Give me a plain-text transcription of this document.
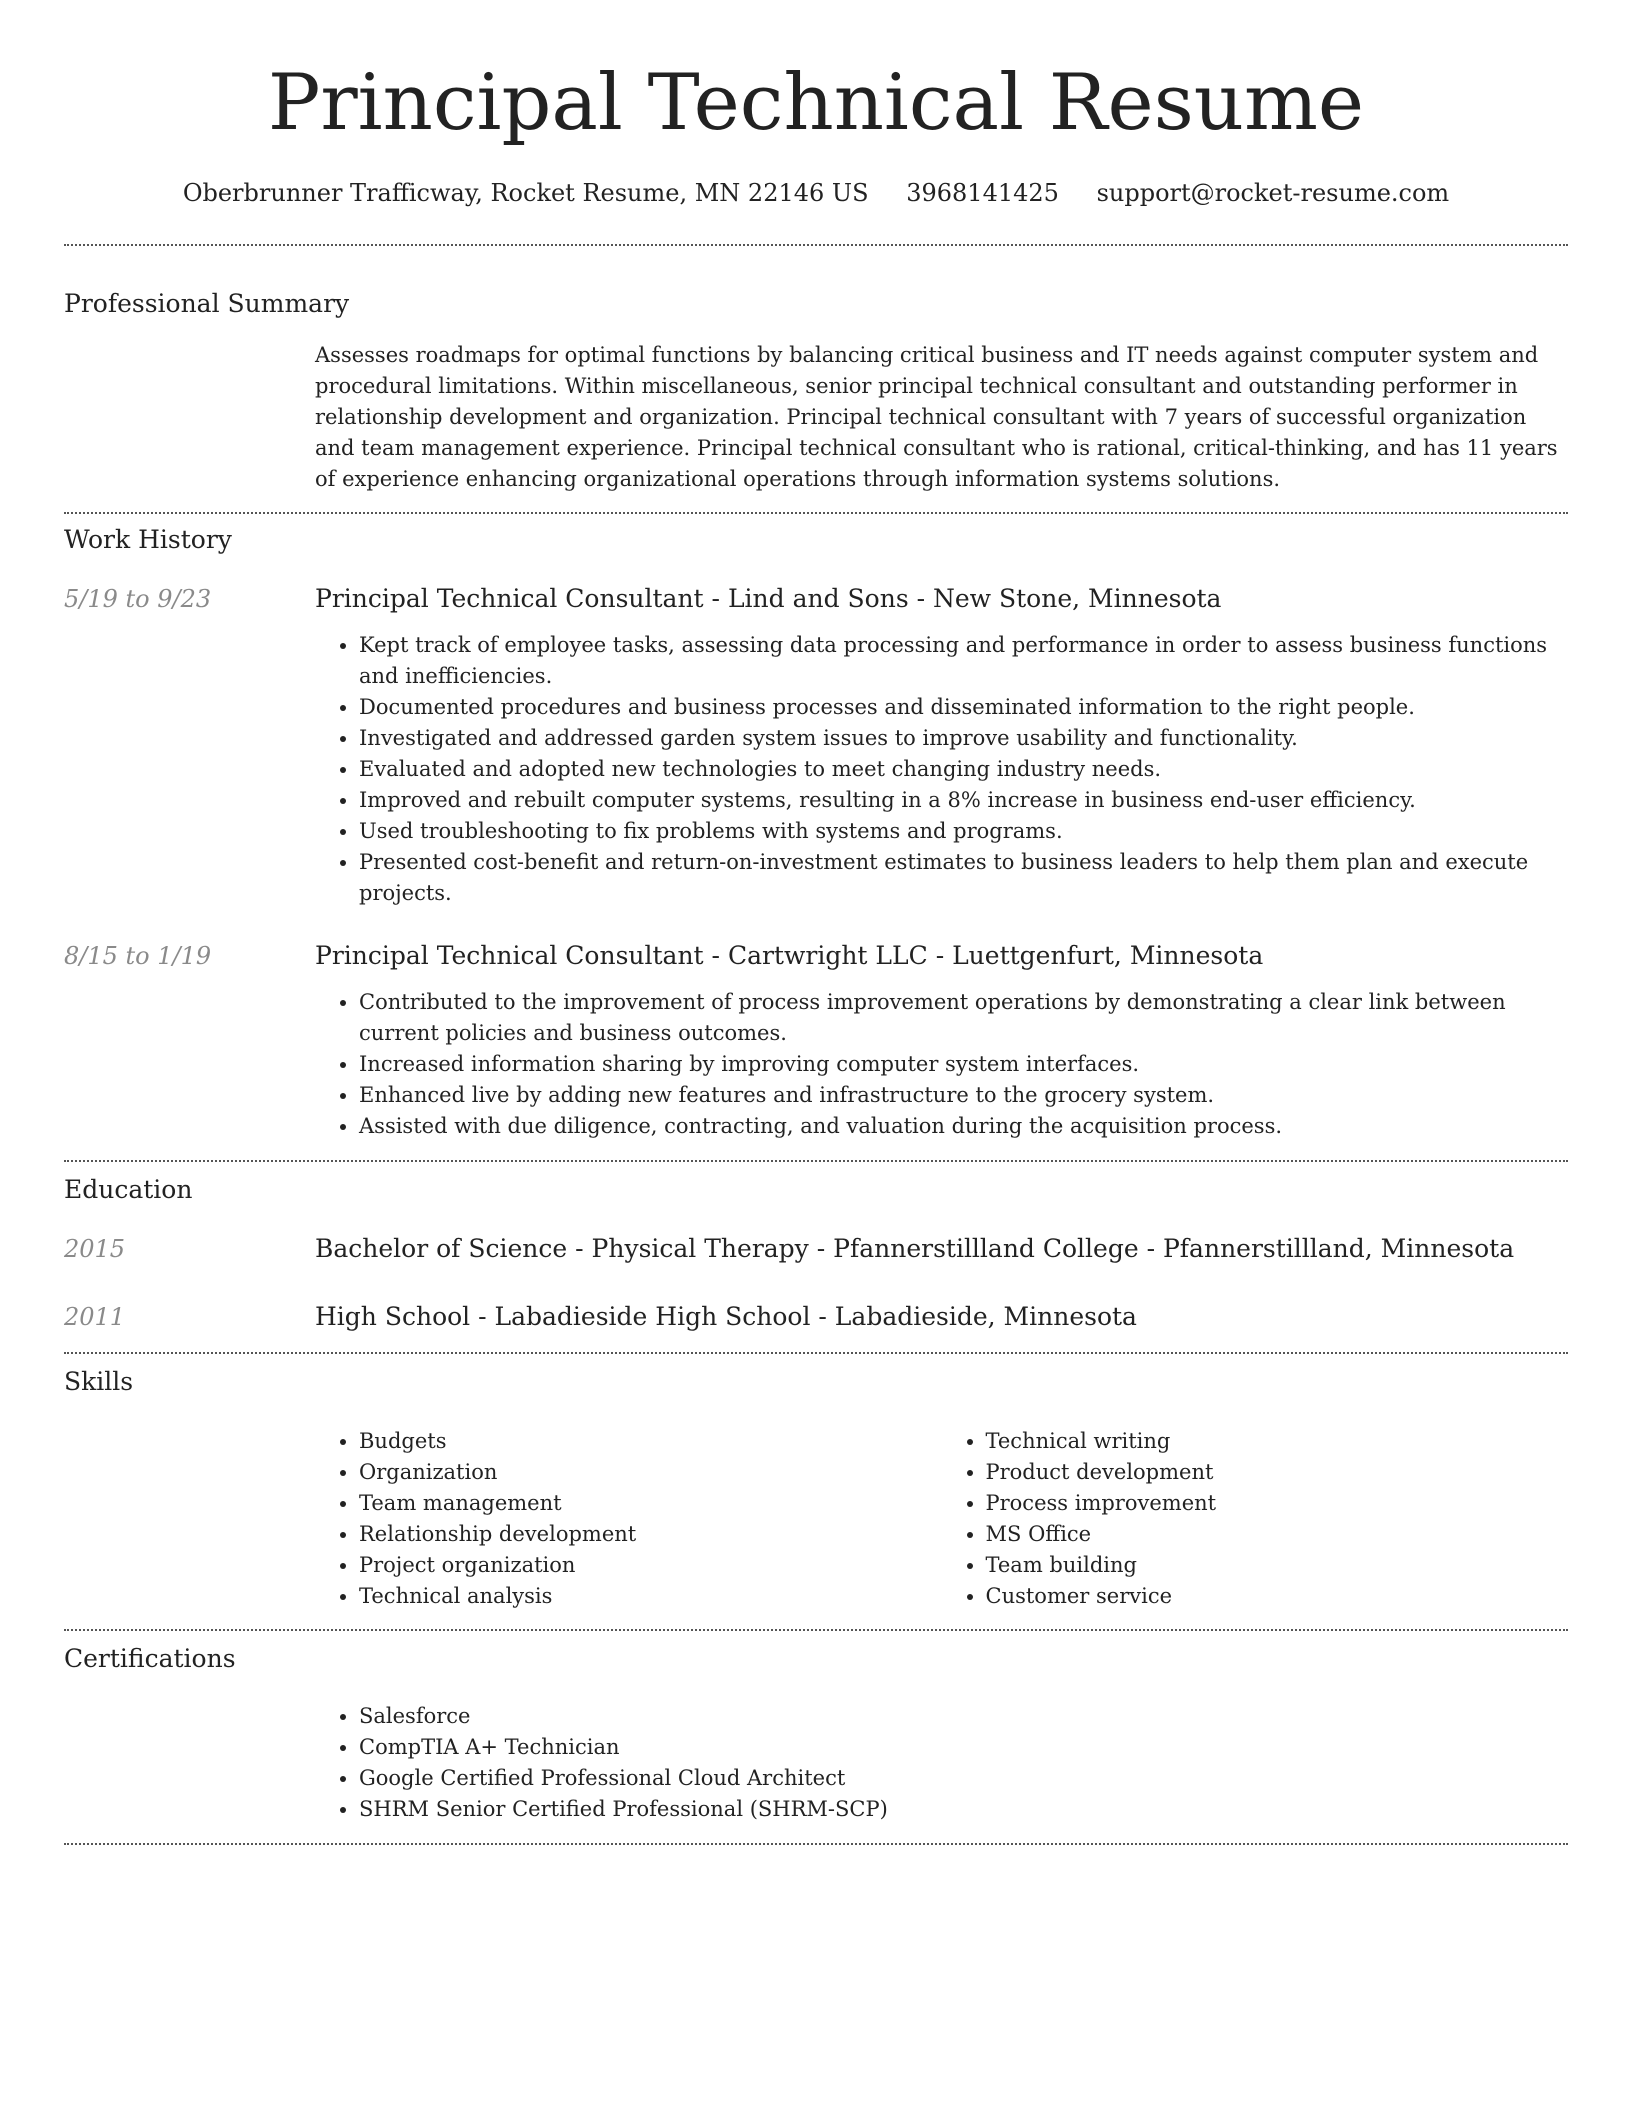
Principal Technical Resume
Oberbrunner Trafficway, Rocket Resume, MN 22146 US 3968141425 support@rocket-resume.com
Professional Summary

Assesses roadmaps for optimal functions by balancing critical business and IT needs against computer system and procedural limitations. Within miscellaneous, senior principal technical consultant and outstanding performer in relationship development and organization. Principal technical consultant with 7 years of successful organization and team management experience. Principal technical consultant who is rational, critical-thinking, and has 11 years of experience enhancing organizational operations through information systems solutions.

Work History
5/19 to 9/23	Principal Technical Consultant - Lind and Sons - New Stone, Minnesota
• Kept track of employee tasks, assessing data processing and performance in order to assess business functions and inefficiencies.
• Documented procedures and business processes and disseminated information to the right people.
• Investigated and addressed garden system issues to improve usability and functionality.
• Evaluated and adopted new technologies to meet changing industry needs.
• Improved and rebuilt computer systems, resulting in a 8% increase in business end-user efficiency.
• Used troubleshooting to fix problems with systems and programs.
• Presented cost-benefit and return-on-investment estimates to business leaders to help them plan and execute projects.
8/15 to 1/19	Principal Technical Consultant - Cartwright LLC - Luettgenfurt, Minnesota
• Contributed to the improvement of process improvement operations by demonstrating a clear link between current policies and business outcomes.
• Increased information sharing by improving computer system interfaces.
• Enhanced live by adding new features and infrastructure to the grocery system.
• Assisted with due diligence, contracting, and valuation during the acquisition process.
Education
2015	Bachelor of Science - Physical Therapy - Pfannerstillland College - Pfannerstillland, Minnesota
2011	High School - Labadieside High School - Labadieside, Minnesota
Skills
• Budgets
• Organization
• Team management
• Relationship development
• Project organization
• Technical analysis
• Technical writing
• Product development
• Process improvement
• MS Office
• Team building
• Customer service
Certifications
• Salesforce
• CompTIA A+ Technician
• Google Certified Professional Cloud Architect
• SHRM Senior Certified Professional (SHRM-SCP)
